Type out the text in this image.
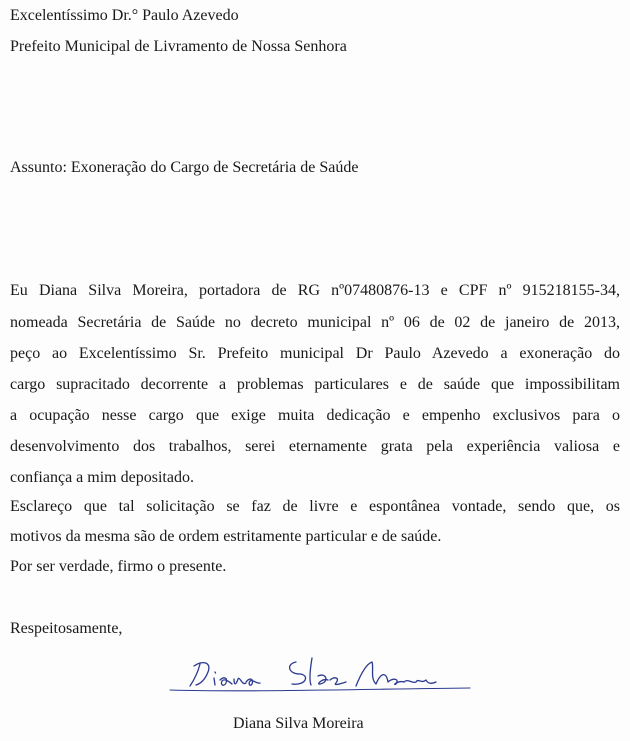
Excelentíssimo Dr.° Paulo Azevedo
Prefeito Municipal de Livramento de Nossa Senhora
Assunto: Exoneração do Cargo de Secretária de Saúde
Eu Diana Silva Moreira, portadora de RG nº07480876-13 e CPF nº 915218155-34,
nomeada Secretária de Saúde no decreto municipal nº 06 de 02 de janeiro de 2013,
peço ao Excelentíssimo Sr. Prefeito municipal Dr Paulo Azevedo a exoneração do
cargo supracitado decorrente a problemas particulares e de saúde que impossibilitam
a ocupação nesse cargo que exige muita dedicação e empenho exclusivos para o
desenvolvimento dos trabalhos, serei eternamente grata pela experiência valiosa e
confiança a mim depositado.
Esclareço que tal solicitação se faz de livre e espontânea vontade, sendo que, os
motivos da mesma são de ordem estritamente particular e de saúde.
Por ser verdade, firmo o presente.
Respeitosamente,
Diana Silva Moreira
